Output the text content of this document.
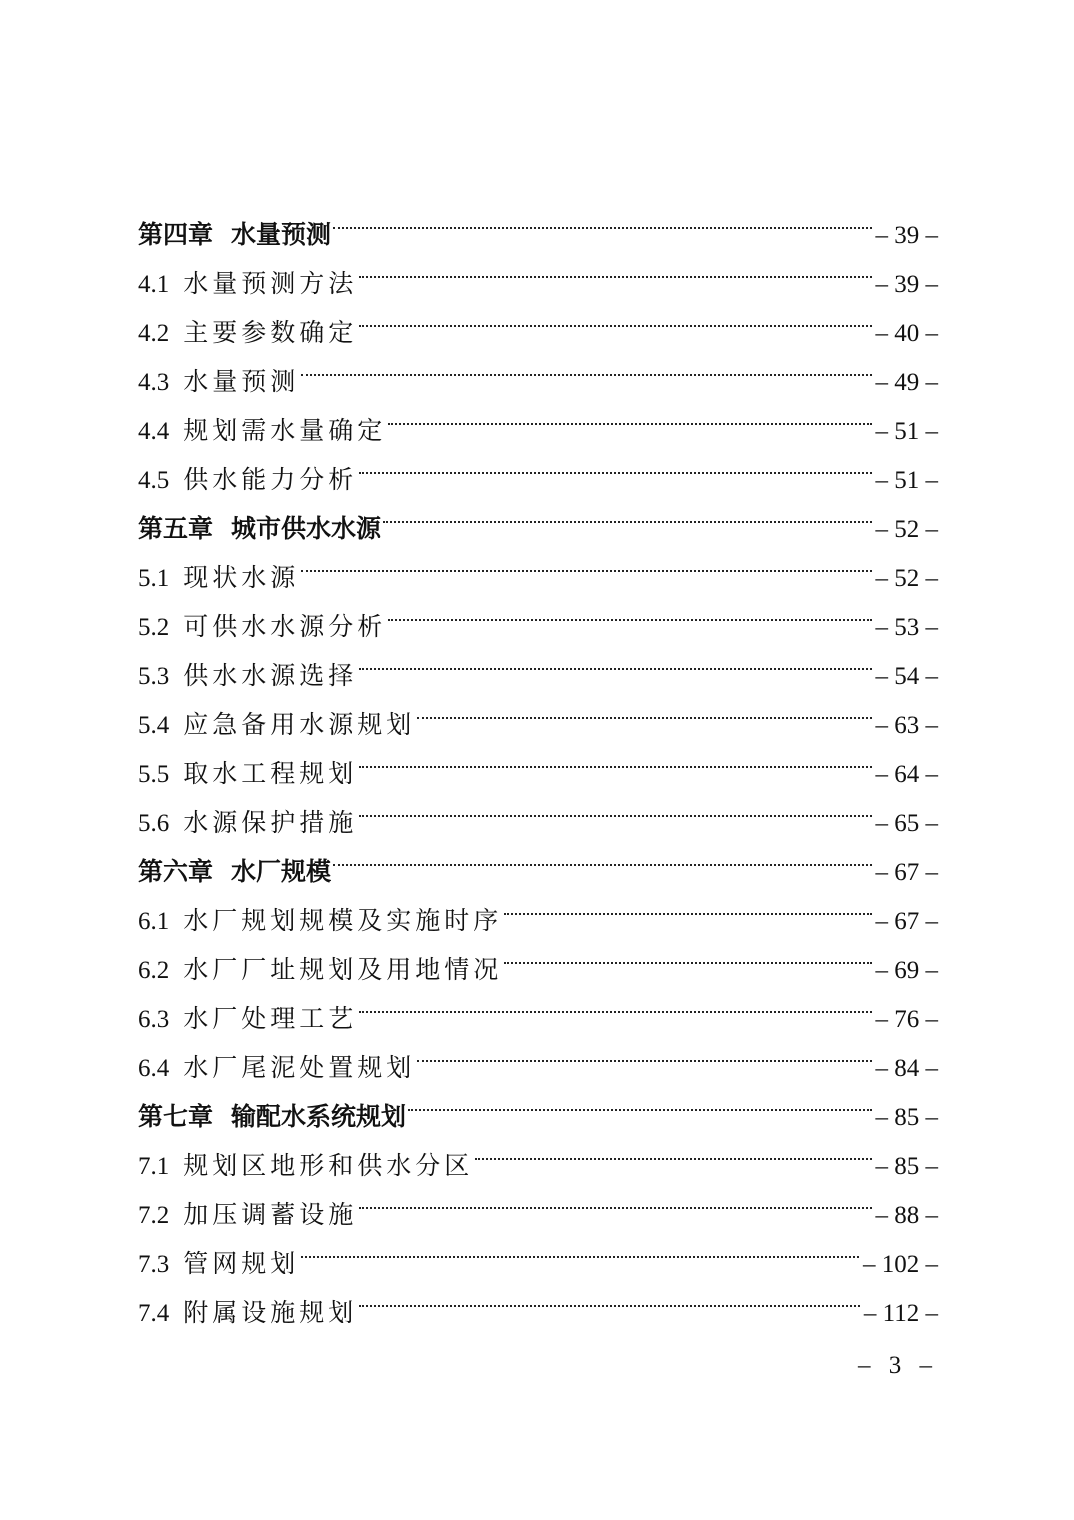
第四章 水量预测	– 39 –
4.1 水量预测方法	– 39 –
4.2 主要参数确定	– 40 –
4.3 水量预测	– 49 –
4.4 规划需水量确定	– 51 –
4.5 供水能力分析	– 51 –
第五章 城市供水水源	– 52 –
5.1 现状水源	– 52 –
5.2 可供水水源分析	– 53 –
5.3 供水水源选择	– 54 –
5.4 应急备用水源规划	– 63 –
5.5 取水工程规划	– 64 –
5.6 水源保护措施	– 65 –
第六章 水厂规模	– 67 –
6.1 水厂规划规模及实施时序	– 67 –
6.2 水厂厂址规划及用地情况	– 69 –
6.3 水厂处理工艺	– 76 –
6.4 水厂尾泥处置规划	– 84 –
第七章 输配水系统规划	– 85 –
7.1 规划区地形和供水分区	– 85 –
7.2 加压调蓄设施	– 88 –
7.3 管网规划	– 102 –
7.4 附属设施规划	– 112 –
– 3 –
